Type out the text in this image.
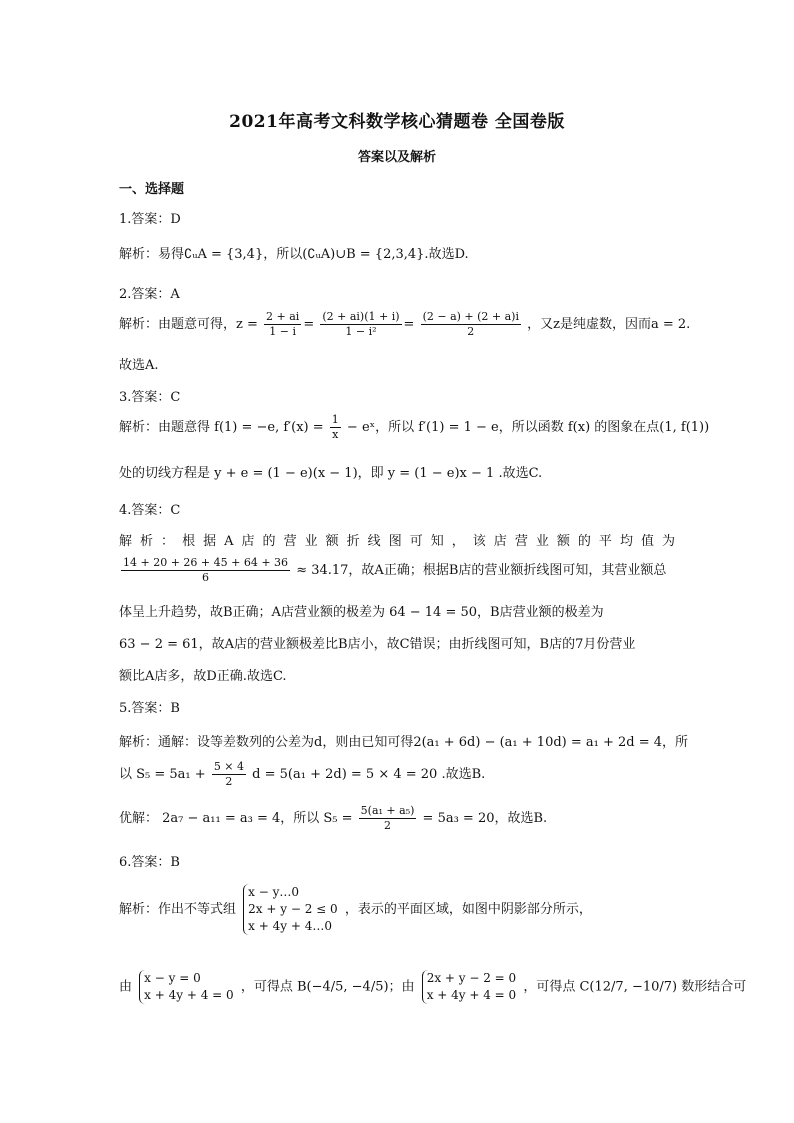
2021年高考文科数学核心猜题卷 全国卷版
答案以及解析
一、选择题
1.答案：D
解析：易得∁ᵤA = {3,4}，所以(∁ᵤA)∪B = {2,3,4}.故选D.
2.答案：A
解析：由题意可得，$z = \frac{2 + ai}{1 - i} = \frac{(2 + ai)(1 + i)}{\text{1 − i²}} = \frac{(2 - a) + (2 + a)i}{2}$ ，又z是纯虚数，因而a = 2.
故选A.
3.答案：C
解析：由题意得 f(1) = −e, $f'(x) = \frac{1}{x}$ − eˣ，所以 f′(1) = 1 − e，所以函数 f(x) 的图象在点(1, f(1))
处的切线方程是 y + e = (1 − e)(x − 1)，即 y = (1 − e)x − 1 .故选C.
4.答案：C
解析：根据A店的营业额折线图可知，该店营业额的平均值为
$\frac{14 + 20 + 26 + 45 + 64 + 36}{6} \approx 34.17$，故A正确；根据B店的营业额折线图可知，其营业额总
体呈上升趋势，故B正确；A店营业额的极差为 64 − 14 = 50，B店营业额的极差为
63 − 2 = 61，故A店的营业额极差比B店小，故C错误；由折线图可知，B店的7月份营业
额比A店多，故D正确.故选C.
5.答案：B
解析：通解：设等差数列的公差为d，则由已知可得2(a₁ + 6d) − (a₁ + 10d) = a₁ + 2d = 4，所
以 $S_5 = 5a_1 + \frac{5 \times 4}{2}$ d = 5(a₁ + 2d) = 5 × 4 = 20 .故选B.
优解： 2a₇ − a₁₁ = a₃ = 4，所以 $S_5 = \frac{\text{5(a₁ + a₅)}}{2} = 5a_3 = 20$，故选B.
6.答案：B
解析：作出不等式组
x − y…0
2x + y − 2 ≤ 0
x + 4y + 4…0
，表示的平面区域，如图中阴影部分所示，
由
x − y = 0
x + 4y + 4 = 0
，可得点 B(−4/5, −4/5)；由
2x + y − 2 = 0
x + 4y + 4 = 0
，可得点 C(12/7, −10/7) 数形结合可
